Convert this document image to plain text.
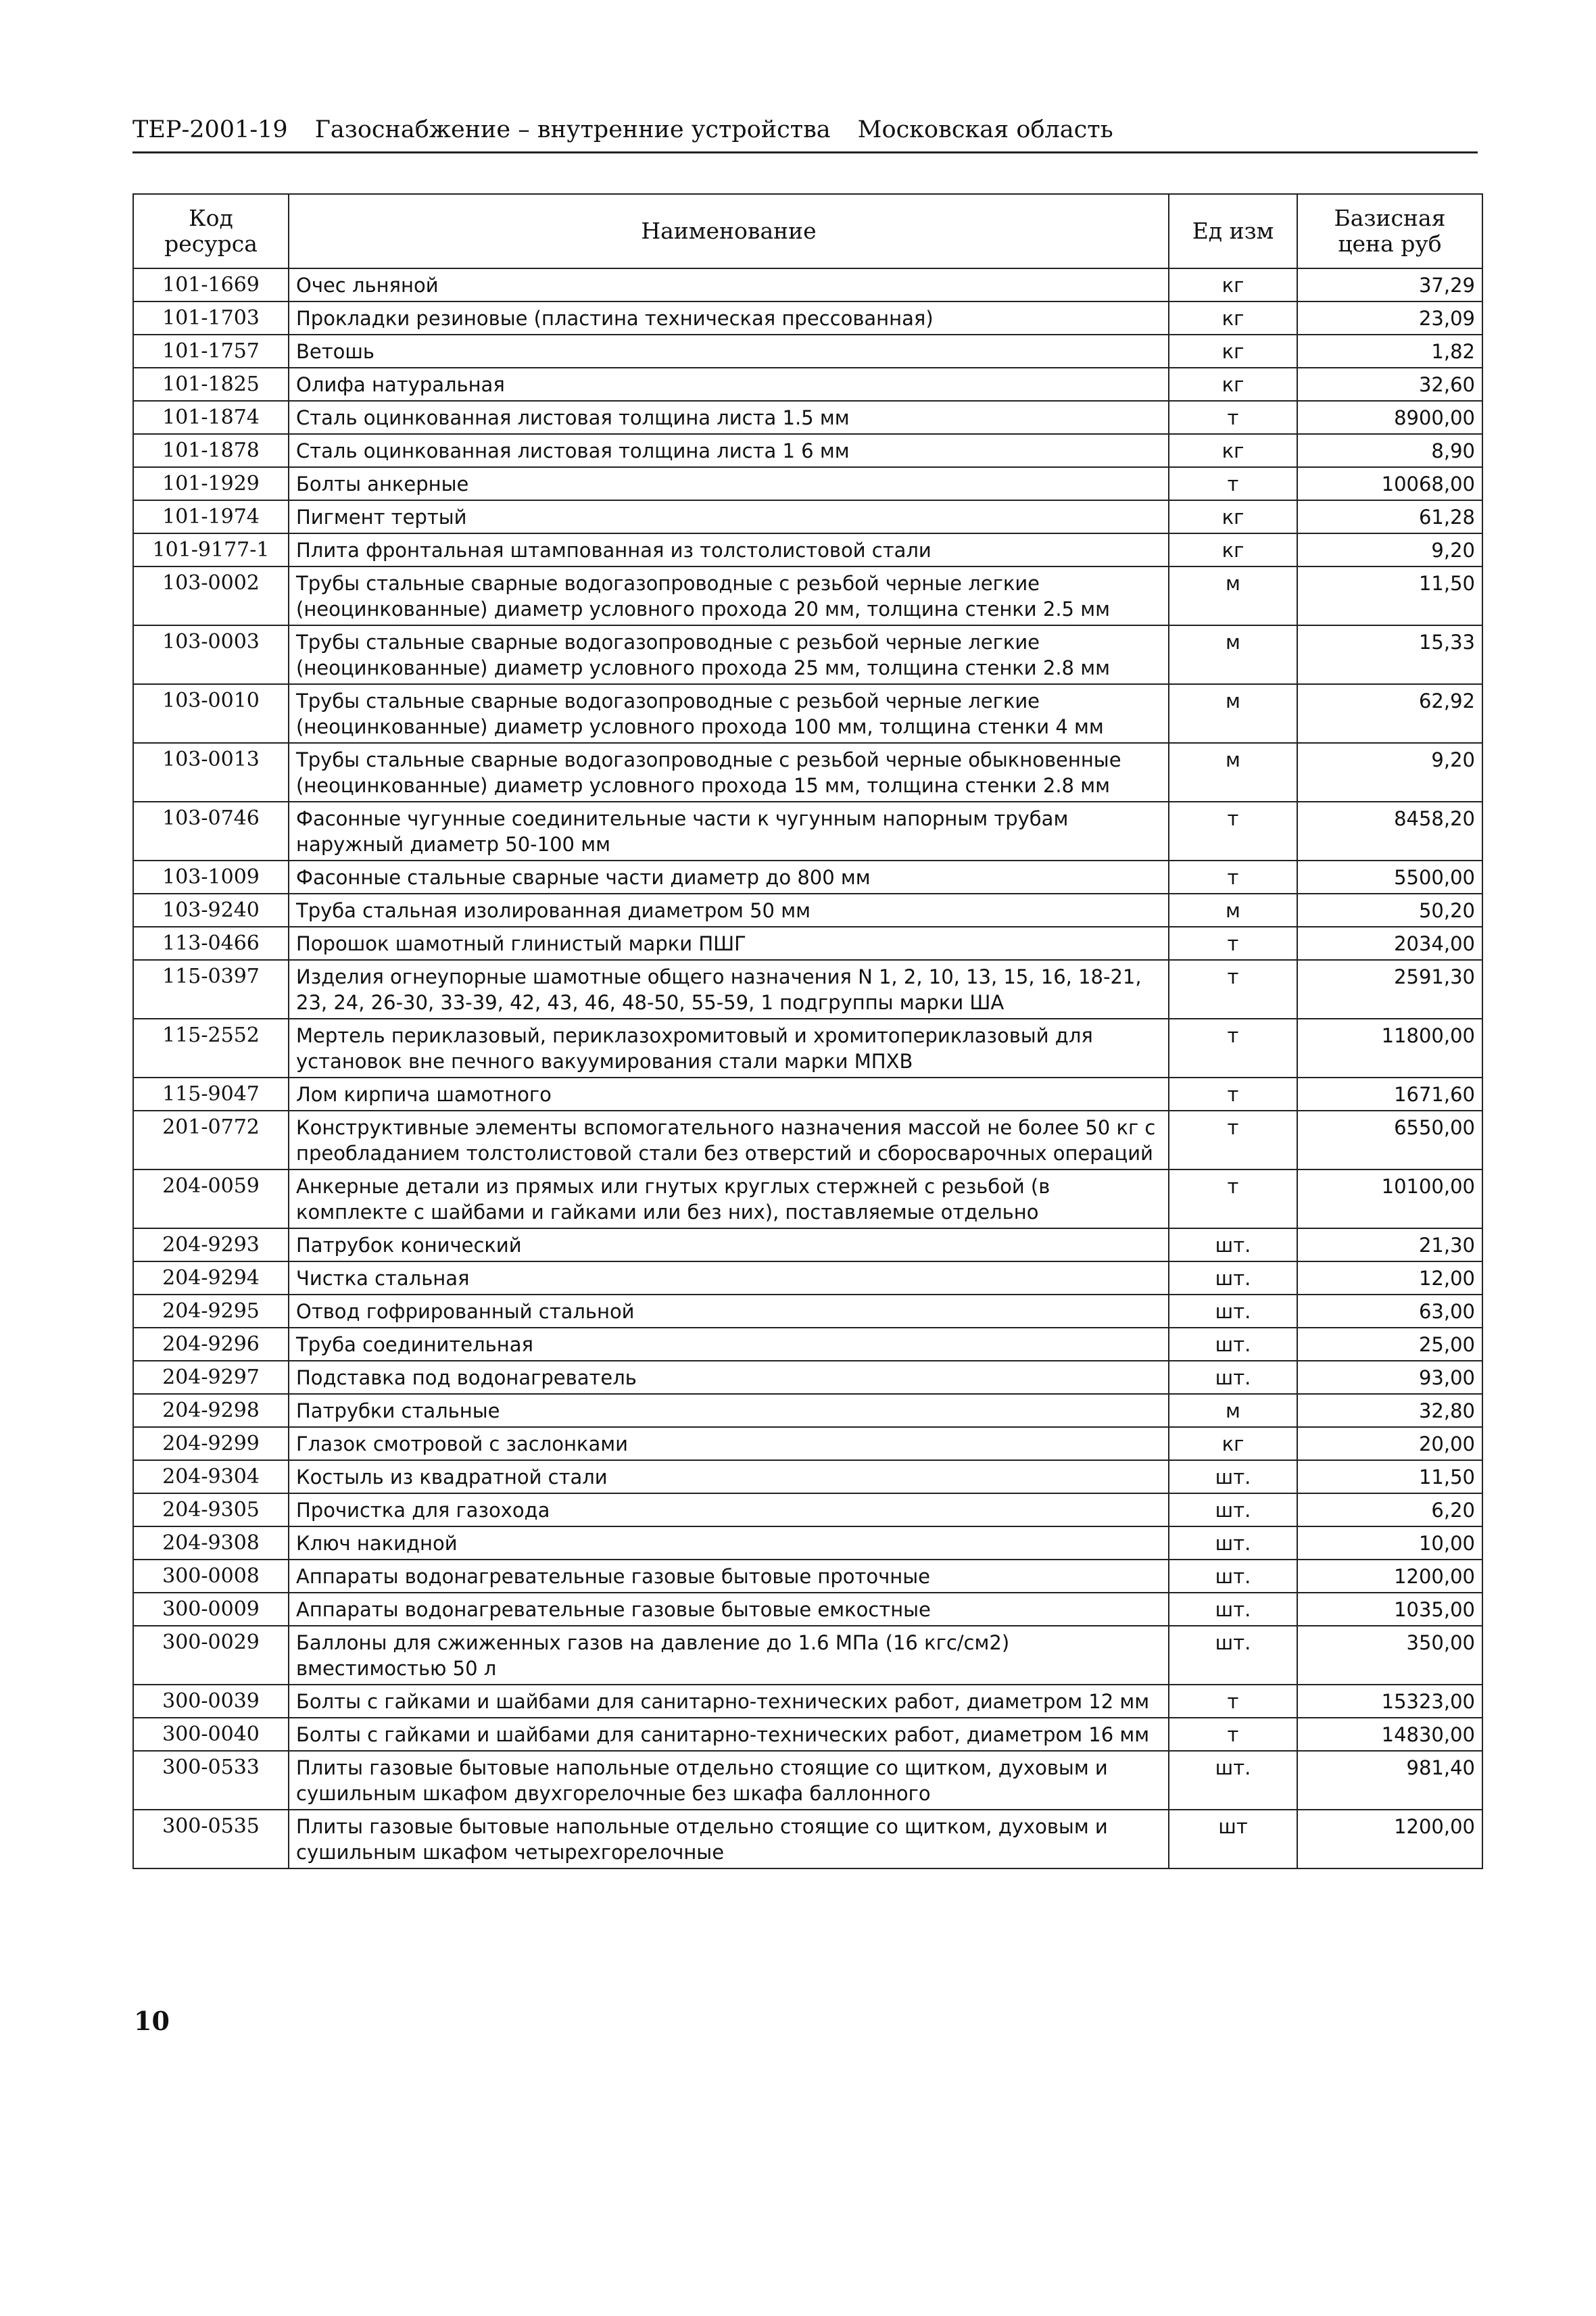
ТЕР-2001-19 Газоснабжение – внутренние устройства Московская область
Код ресурса	Наименование	Ед изм	Базисная цена руб
101-1669	Очес льняной	кг	37,29
101-1703	Прокладки резиновые (пластина техническая прессованная)	кг	23,09
101-1757	Ветошь	кг	1,82
101-1825	Олифа натуральная	кг	32,60
101-1874	Сталь оцинкованная листовая толщина листа 1.5 мм	т	8900,00
101-1878	Сталь оцинкованная листовая толщина листа 1 6 мм	кг	8,90
101-1929	Болты анкерные	т	10068,00
101-1974	Пигмент тертый	кг	61,28
101-9177-1	Плита фронтальная штампованная из толстолистовой стали	кг	9,20
103-0002	Трубы стальные сварные водогазопроводные с резьбой черные легкие (неоцинкованные) диаметр условного прохода 20 мм, толщина стенки 2.5 мм	м	11,50
103-0003	Трубы стальные сварные водогазопроводные с резьбой черные легкие (неоцинкованные) диаметр условного прохода 25 мм, толщина стенки 2.8 мм	м	15,33
103-0010	Трубы стальные сварные водогазопроводные с резьбой черные легкие (неоцинкованные) диаметр условного прохода 100 мм, толщина стенки 4 мм	м	62,92
103-0013	Трубы стальные сварные водогазопроводные с резьбой черные обыкновенные (неоцинкованные) диаметр условного прохода 15 мм, толщина стенки 2.8 мм	м	9,20
103-0746	Фасонные чугунные соединительные части к чугунным напорным трубам наружный диаметр 50-100 мм	т	8458,20
103-1009	Фасонные стальные сварные части диаметр до 800 мм	т	5500,00
103-9240	Труба стальная изолированная диаметром 50 мм	м	50,20
113-0466	Порошок шамотный глинистый марки ПШГ	т	2034,00
115-0397	Изделия огнеупорные шамотные общего назначения N 1, 2, 10, 13, 15, 16, 18-21, 23, 24, 26-30, 33-39, 42, 43, 46, 48-50, 55-59, 1 подгруппы марки ША	т	2591,30
115-2552	Мертель периклазовый, периклазохромитовый и хромитопериклазовый для установок вне печного вакуумирования стали марки МПХВ	т	11800,00
115-9047	Лом кирпича шамотного	т	1671,60
201-0772	Конструктивные элементы вспомогательного назначения массой не более 50 кг с преобладанием толстолистовой стали без отверстий и сборосварочных операций	т	6550,00
204-0059	Анкерные детали из прямых или гнутых круглых стержней с резьбой (в комплекте с шайбами и гайками или без них), поставляемые отдельно	т	10100,00
204-9293	Патрубок конический	шт.	21,30
204-9294	Чистка стальная	шт.	12,00
204-9295	Отвод гофрированный стальной	шт.	63,00
204-9296	Труба соединительная	шт.	25,00
204-9297	Подставка под водонагреватель	шт.	93,00
204-9298	Патрубки стальные	м	32,80
204-9299	Глазок смотровой с заслонками	кг	20,00
204-9304	Костыль из квадратной стали	шт.	11,50
204-9305	Прочистка для газохода	шт.	6,20
204-9308	Ключ накидной	шт.	10,00
300-0008	Аппараты водонагревательные газовые бытовые проточные	шт.	1200,00
300-0009	Аппараты водонагревательные газовые бытовые емкостные	шт.	1035,00
300-0029	Баллоны для сжиженных газов на давление до 1.6 МПа (16 кгс/см2) вместимостью 50 л	шт.	350,00
300-0039	Болты с гайками и шайбами для санитарно-технических работ, диаметром 12 мм	т	15323,00
300-0040	Болты с гайками и шайбами для санитарно-технических работ, диаметром 16 мм	т	14830,00
300-0533	Плиты газовые бытовые напольные отдельно стоящие со щитком, духовым и сушильным шкафом двухгорелочные без шкафа баллонного	шт.	981,40
300-0535	Плиты газовые бытовые напольные отдельно стоящие со щитком, духовым и сушильным шкафом четырехгорелочные	шт	1200,00
10
